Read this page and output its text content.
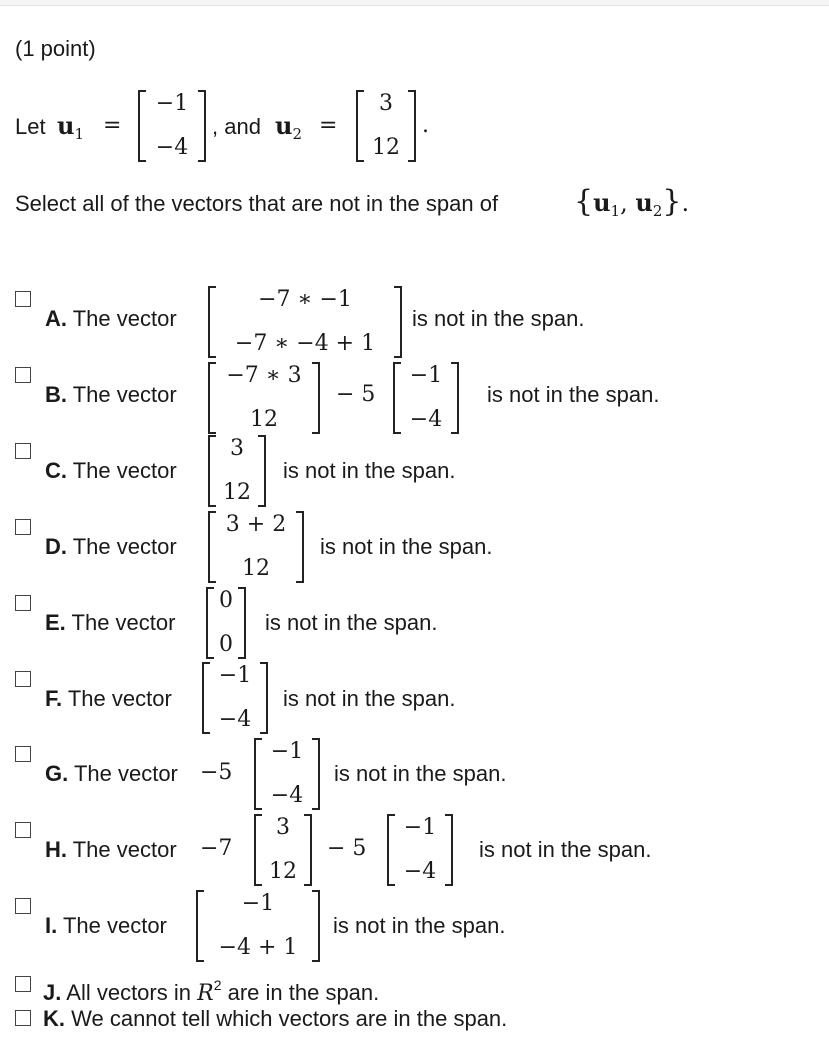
(1 point)
Let $u_1$ =
−1
−4
, and $u_2$ =
3
12
.
Select all of the vectors that are not in the span of	{$u_1$, $u_2$}.
A. The vector
−7 ∗ −1
−7 ∗ −4 + 1
is not in the span.
B. The vector
−7 ∗ 3
12
− 5
−1
−4
is not in the span.
C. The vector
3
12
is not in the span.
D. The vector
3 + 2
12
is not in the span.
E. The vector
0
0
is not in the span.
F. The vector
−1
−4
is not in the span.
G. The vector −5
−1
−4
is not in the span.
H. The vector −7
3
12
− 5
−1
−4
is not in the span.
I. The vector
−1
−4 + 1
is not in the span.
J. All vectors in $R^2$ are in the span.
K. We cannot tell which vectors are in the span.
